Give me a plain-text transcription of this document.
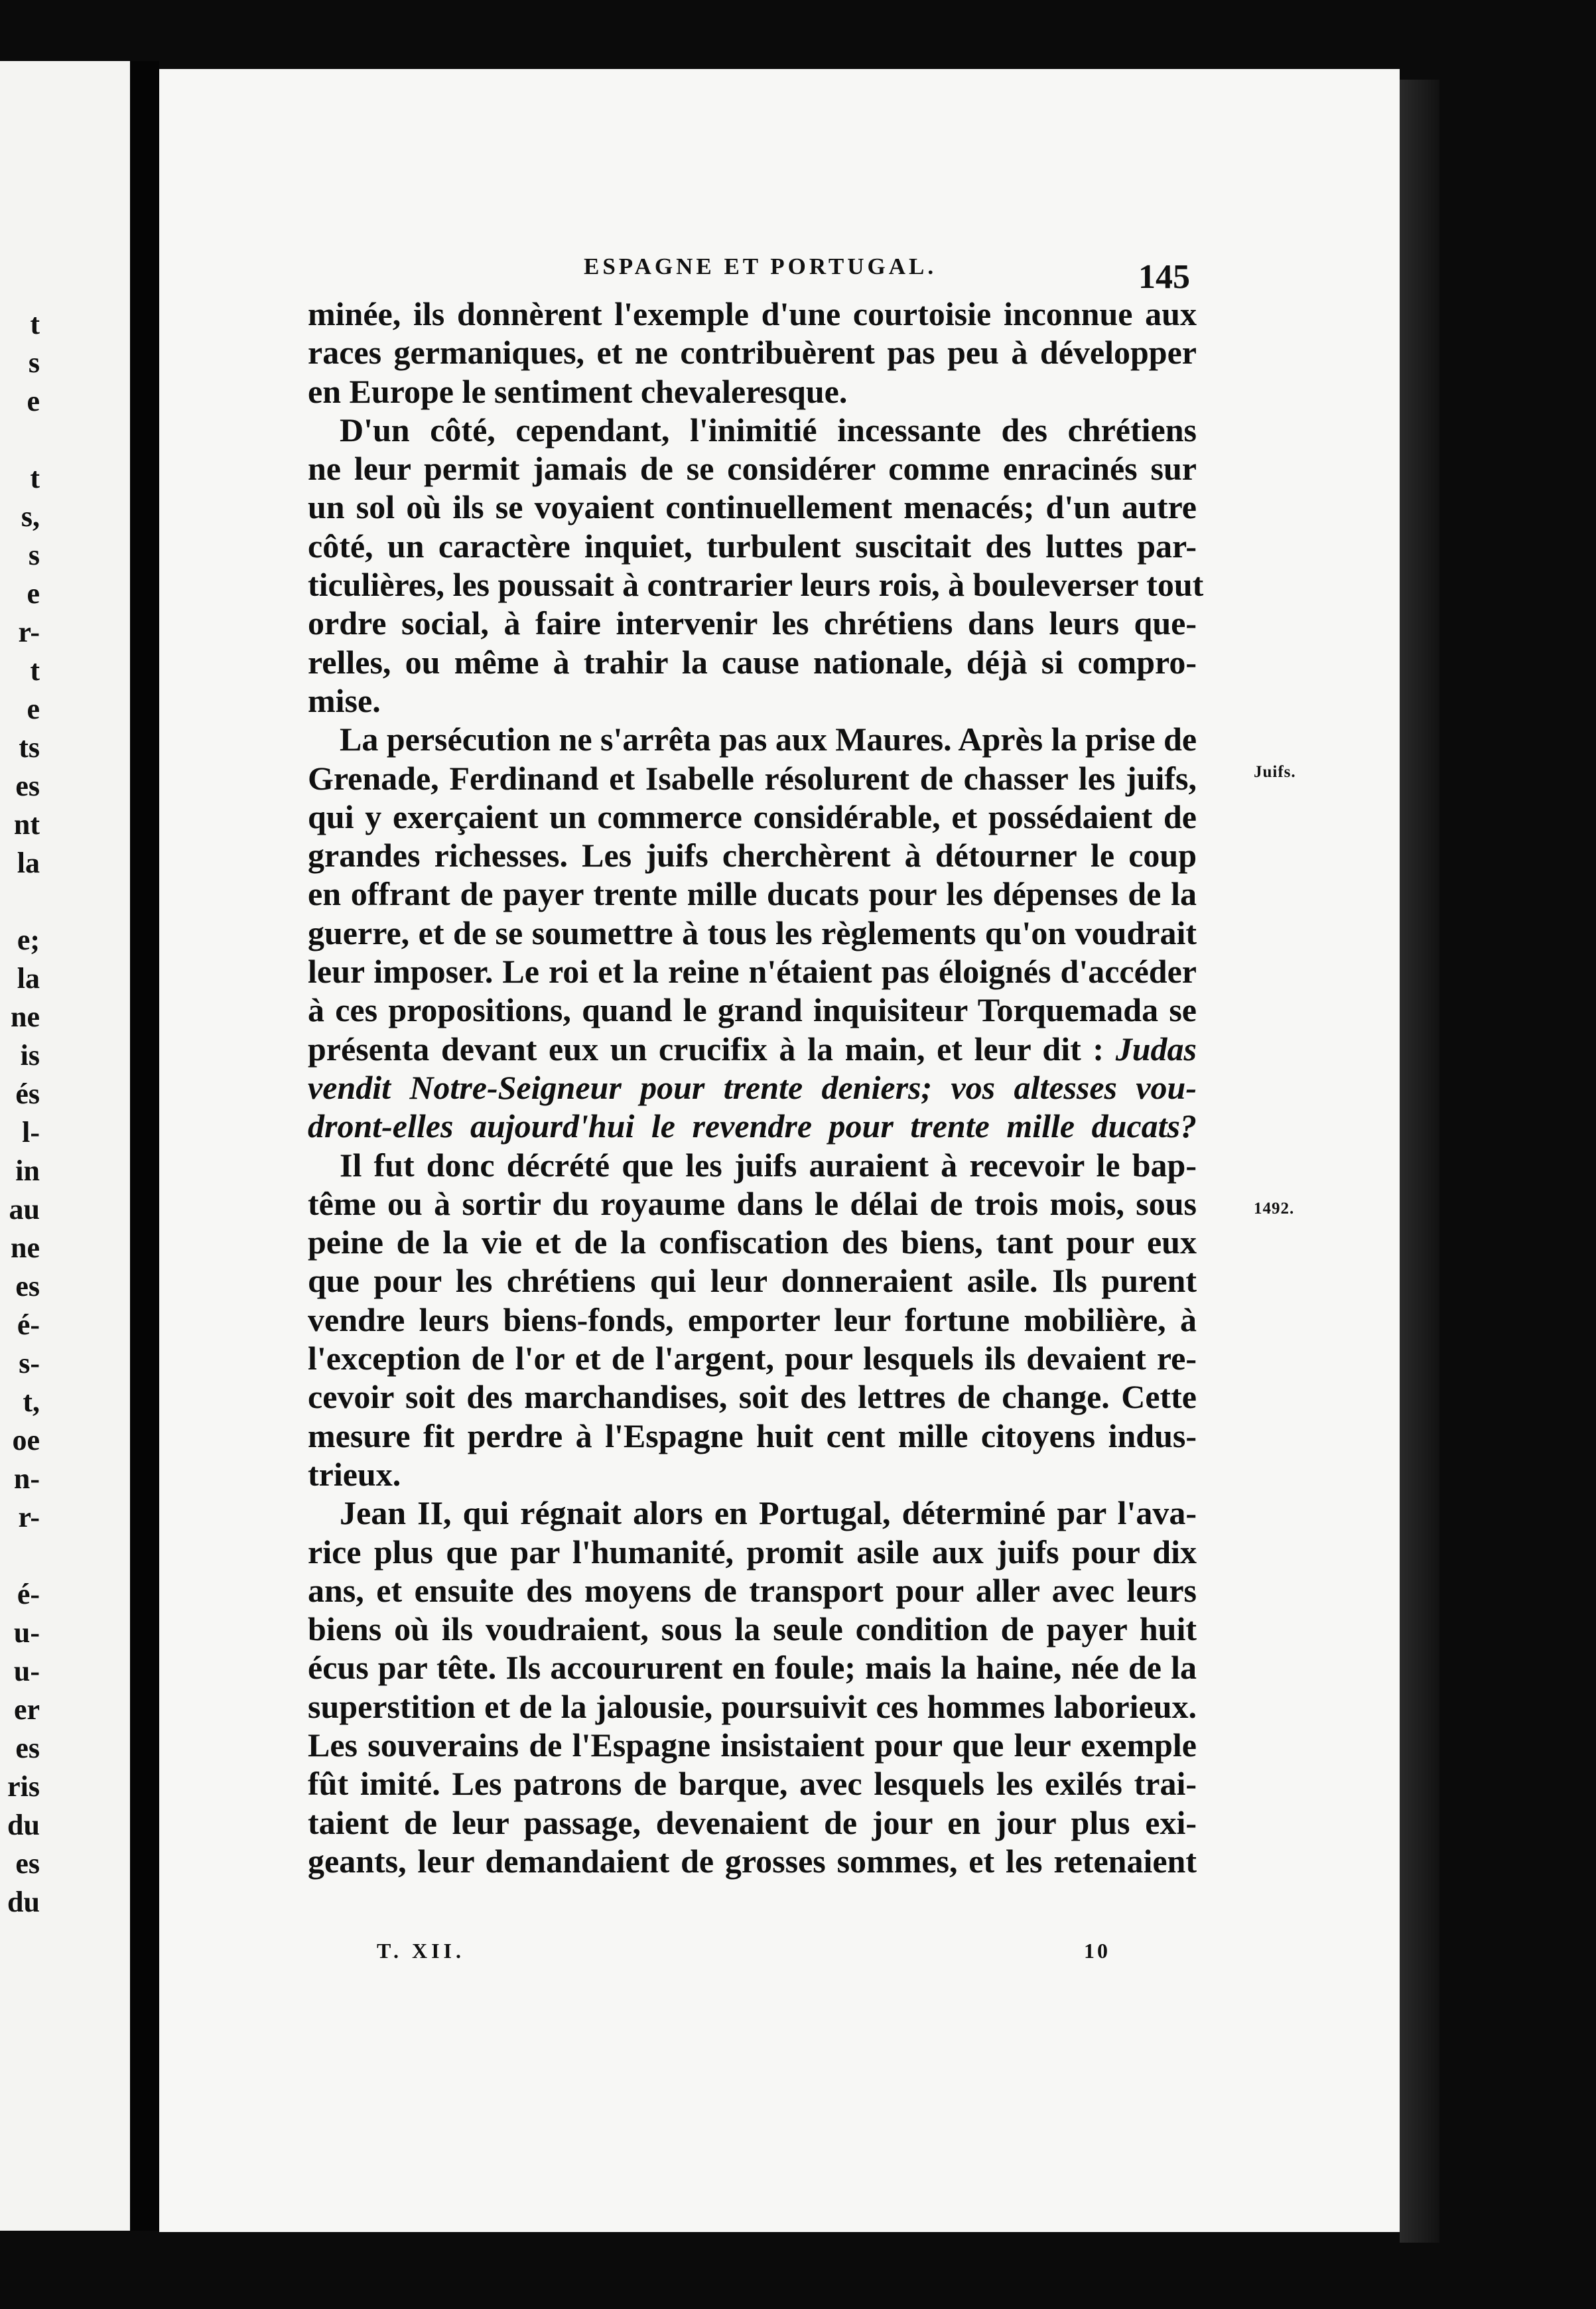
t
s
e

t
s,
s
e
r-
t
e
ts
es
nt
la

e;
la
ne
is
és
l-
in
au
ne
es
é-
s-
t,
oe
n-
r-

é-
u-
u-
er
es
ris
du
es
du
ESPAGNE ET PORTUGAL.	145
minée, ils donnèrent l'exemple d'une courtoisie inconnue aux
races germaniques, et ne contribuèrent pas peu à développer
en Europe le sentiment chevaleresque.
D'un côté, cependant, l'inimitié incessante des chrétiens
ne leur permit jamais de se considérer comme enracinés sur
un sol où ils se voyaient continuellement menacés; d'un autre
côté, un caractère inquiet, turbulent suscitait des luttes par-
ticulières, les poussait à contrarier leurs rois, à bouleverser tout
ordre social, à faire intervenir les chrétiens dans leurs que-
relles, ou même à trahir la cause nationale, déjà si compro-
mise.
La persécution ne s'arrêta pas aux Maures. Après la prise de
Grenade, Ferdinand et Isabelle résolurent de chasser les juifs,
qui y exerçaient un commerce considérable, et possédaient de
grandes richesses. Les juifs cherchèrent à détourner le coup
en offrant de payer trente mille ducats pour les dépenses de la
guerre, et de se soumettre à tous les règlements qu'on voudrait
leur imposer. Le roi et la reine n'étaient pas éloignés d'accéder
à ces propositions, quand le grand inquisiteur Torquemada se
présenta devant eux un crucifix à la main, et leur dit : Judas
vendit Notre-Seigneur pour trente deniers; vos altesses vou-
dront-elles aujourd'hui le revendre pour trente mille ducats?
Il fut donc décrété que les juifs auraient à recevoir le bap-
tême ou à sortir du royaume dans le délai de trois mois, sous
peine de la vie et de la confiscation des biens, tant pour eux
que pour les chrétiens qui leur donneraient asile. Ils purent
vendre leurs biens-fonds, emporter leur fortune mobilière, à
l'exception de l'or et de l'argent, pour lesquels ils devaient re-
cevoir soit des marchandises, soit des lettres de change. Cette
mesure fit perdre à l'Espagne huit cent mille citoyens indus-
trieux.
Jean II, qui régnait alors en Portugal, déterminé par l'ava-
rice plus que par l'humanité, promit asile aux juifs pour dix
ans, et ensuite des moyens de transport pour aller avec leurs
biens où ils voudraient, sous la seule condition de payer huit
écus par tête. Ils accoururent en foule; mais la haine, née de la
superstition et de la jalousie, poursuivit ces hommes laborieux.
Les souverains de l'Espagne insistaient pour que leur exemple
fût imité. Les patrons de barque, avec lesquels les exilés trai-
taient de leur passage, devenaient de jour en jour plus exi-
geants, leur demandaient de grosses sommes, et les retenaient
Juifs.
1492.
T. XII.	10
